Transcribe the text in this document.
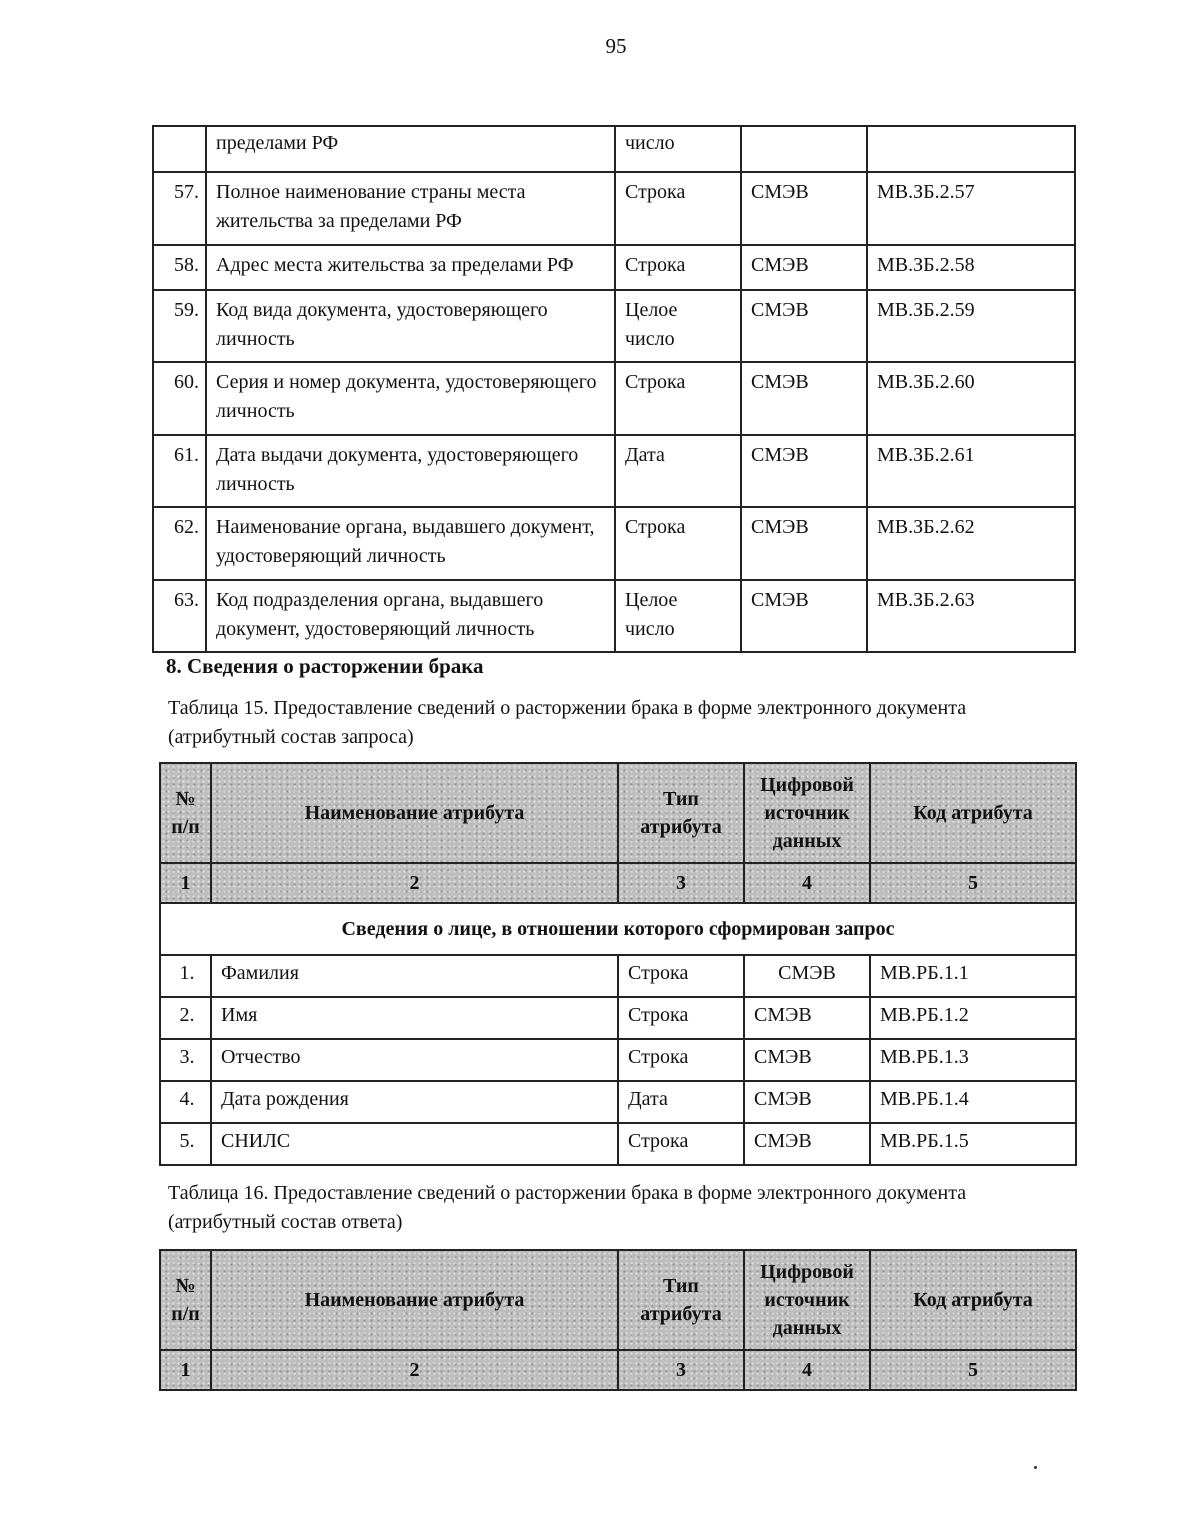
95
	пределами РФ	число		
57.	Полное наименование страны места жительства за пределами РФ	Строка	СМЭВ	МВ.ЗБ.2.57
58.	Адрес места жительства за пределами РФ	Строка	СМЭВ	МВ.ЗБ.2.58
59.	Код вида документа, удостоверяющего личность	Целое число	СМЭВ	МВ.ЗБ.2.59
60.	Серия и номер документа, удостоверяющего личность	Строка	СМЭВ	МВ.ЗБ.2.60
61.	Дата выдачи документа, удостоверяющего личность	Дата	СМЭВ	МВ.ЗБ.2.61
62.	Наименование органа, выдавшего документ, удостоверяющий личность	Строка	СМЭВ	МВ.ЗБ.2.62
63.	Код подразделения органа, выдавшего документ, удостоверяющий личность	Целое число	СМЭВ	МВ.ЗБ.2.63
8. Сведения о расторжении брака
Таблица 15. Предоставление сведений о расторжении брака в форме электронного документа (атрибутный состав запроса)
№ п/п	Наименование атрибута	Тип атрибута	Цифровой источник данных	Код атрибута
1	2	3	4	5
Сведения о лице, в отношении которого сформирован запрос				
1.	Фамилия	Строка	СМЭВ	МВ.РБ.1.1
2.	Имя	Строка	СМЭВ	МВ.РБ.1.2
3.	Отчество	Строка	СМЭВ	МВ.РБ.1.3
4.	Дата рождения	Дата	СМЭВ	МВ.РБ.1.4
5.	СНИЛС	Строка	СМЭВ	МВ.РБ.1.5
Таблица 16. Предоставление сведений о расторжении брака в форме электронного документа (атрибутный состав ответа)
№ п/п	Наименование атрибута	Тип атрибута	Цифровой источник данных	Код атрибута
1	2	3	4	5
